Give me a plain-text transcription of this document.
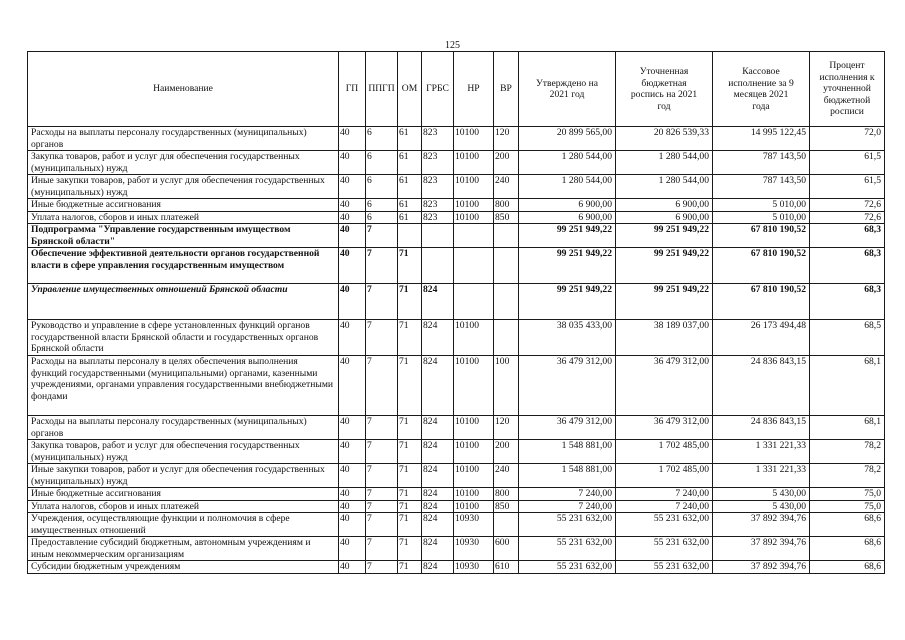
125
Наименование	ГП	ППГП	ОМ	ГРБС	НР	ВР	Утверждено на 2021 год	Уточненная бюджетная роспись на 2021 год	Кассовое исполнение за 9 месяцев 2021 года	Процент исполнения к уточненной бюджетной росписи
Расходы на выплаты персоналу государственных (муниципальных) органов	40	6	61	823	10100	120	20 899 565,00	20 826 539,33	14 995 122,45	72,0
Закупка товаров, работ и услуг для обеспечения государственных (муниципальных) нужд	40	6	61	823	10100	200	1 280 544,00	1 280 544,00	787 143,50	61,5
Иные закупки товаров, работ и услуг для обеспечения государственных (муниципальных) нужд	40	6	61	823	10100	240	1 280 544,00	1 280 544,00	787 143,50	61,5
Иные бюджетные ассигнования	40	6	61	823	10100	800	6 900,00	6 900,00	5 010,00	72,6
Уплата налогов, сборов и иных платежей	40	6	61	823	10100	850	6 900,00	6 900,00	5 010,00	72,6
Подпрограмма "Управление государственным имуществом Брянской области"	40	7					99 251 949,22	99 251 949,22	67 810 190,52	68,3
Обеспечение эффективной деятельности органов государственной власти в сфере управления государственным имуществом	40	7	71				99 251 949,22	99 251 949,22	67 810 190,52	68,3
Управление имущественных отношений Брянской области	40	7	71	824			99 251 949,22	99 251 949,22	67 810 190,52	68,3
Руководство и управление в сфере установленных функций органов государственной власти Брянской области и государственных органов Брянской области	40	7	71	824	10100		38 035 433,00	38 189 037,00	26 173 494,48	68,5
Расходы на выплаты персоналу в целях обеспечения выполнения функций государственными (муниципальными) органами, казенными учреждениями, органами управления государственными внебюджетными фондами	40	7	71	824	10100	100	36 479 312,00	36 479 312,00	24 836 843,15	68,1
Расходы на выплаты персоналу государственных (муниципальных) органов	40	7	71	824	10100	120	36 479 312,00	36 479 312,00	24 836 843,15	68,1
Закупка товаров, работ и услуг для обеспечения государственных (муниципальных) нужд	40	7	71	824	10100	200	1 548 881,00	1 702 485,00	1 331 221,33	78,2
Иные закупки товаров, работ и услуг для обеспечения государственных (муниципальных) нужд	40	7	71	824	10100	240	1 548 881,00	1 702 485,00	1 331 221,33	78,2
Иные бюджетные ассигнования	40	7	71	824	10100	800	7 240,00	7 240,00	5 430,00	75,0
Уплата налогов, сборов и иных платежей	40	7	71	824	10100	850	7 240,00	7 240,00	5 430,00	75,0
Учреждения, осуществляющие функции и полномочия в сфере имущественных отношений	40	7	71	824	10930		55 231 632,00	55 231 632,00	37 892 394,76	68,6
Предоставление субсидий бюджетным, автономным учреждениям и иным некоммерческим организациям	40	7	71	824	10930	600	55 231 632,00	55 231 632,00	37 892 394,76	68,6
Субсидии бюджетным учреждениям	40	7	71	824	10930	610	55 231 632,00	55 231 632,00	37 892 394,76	68,6
